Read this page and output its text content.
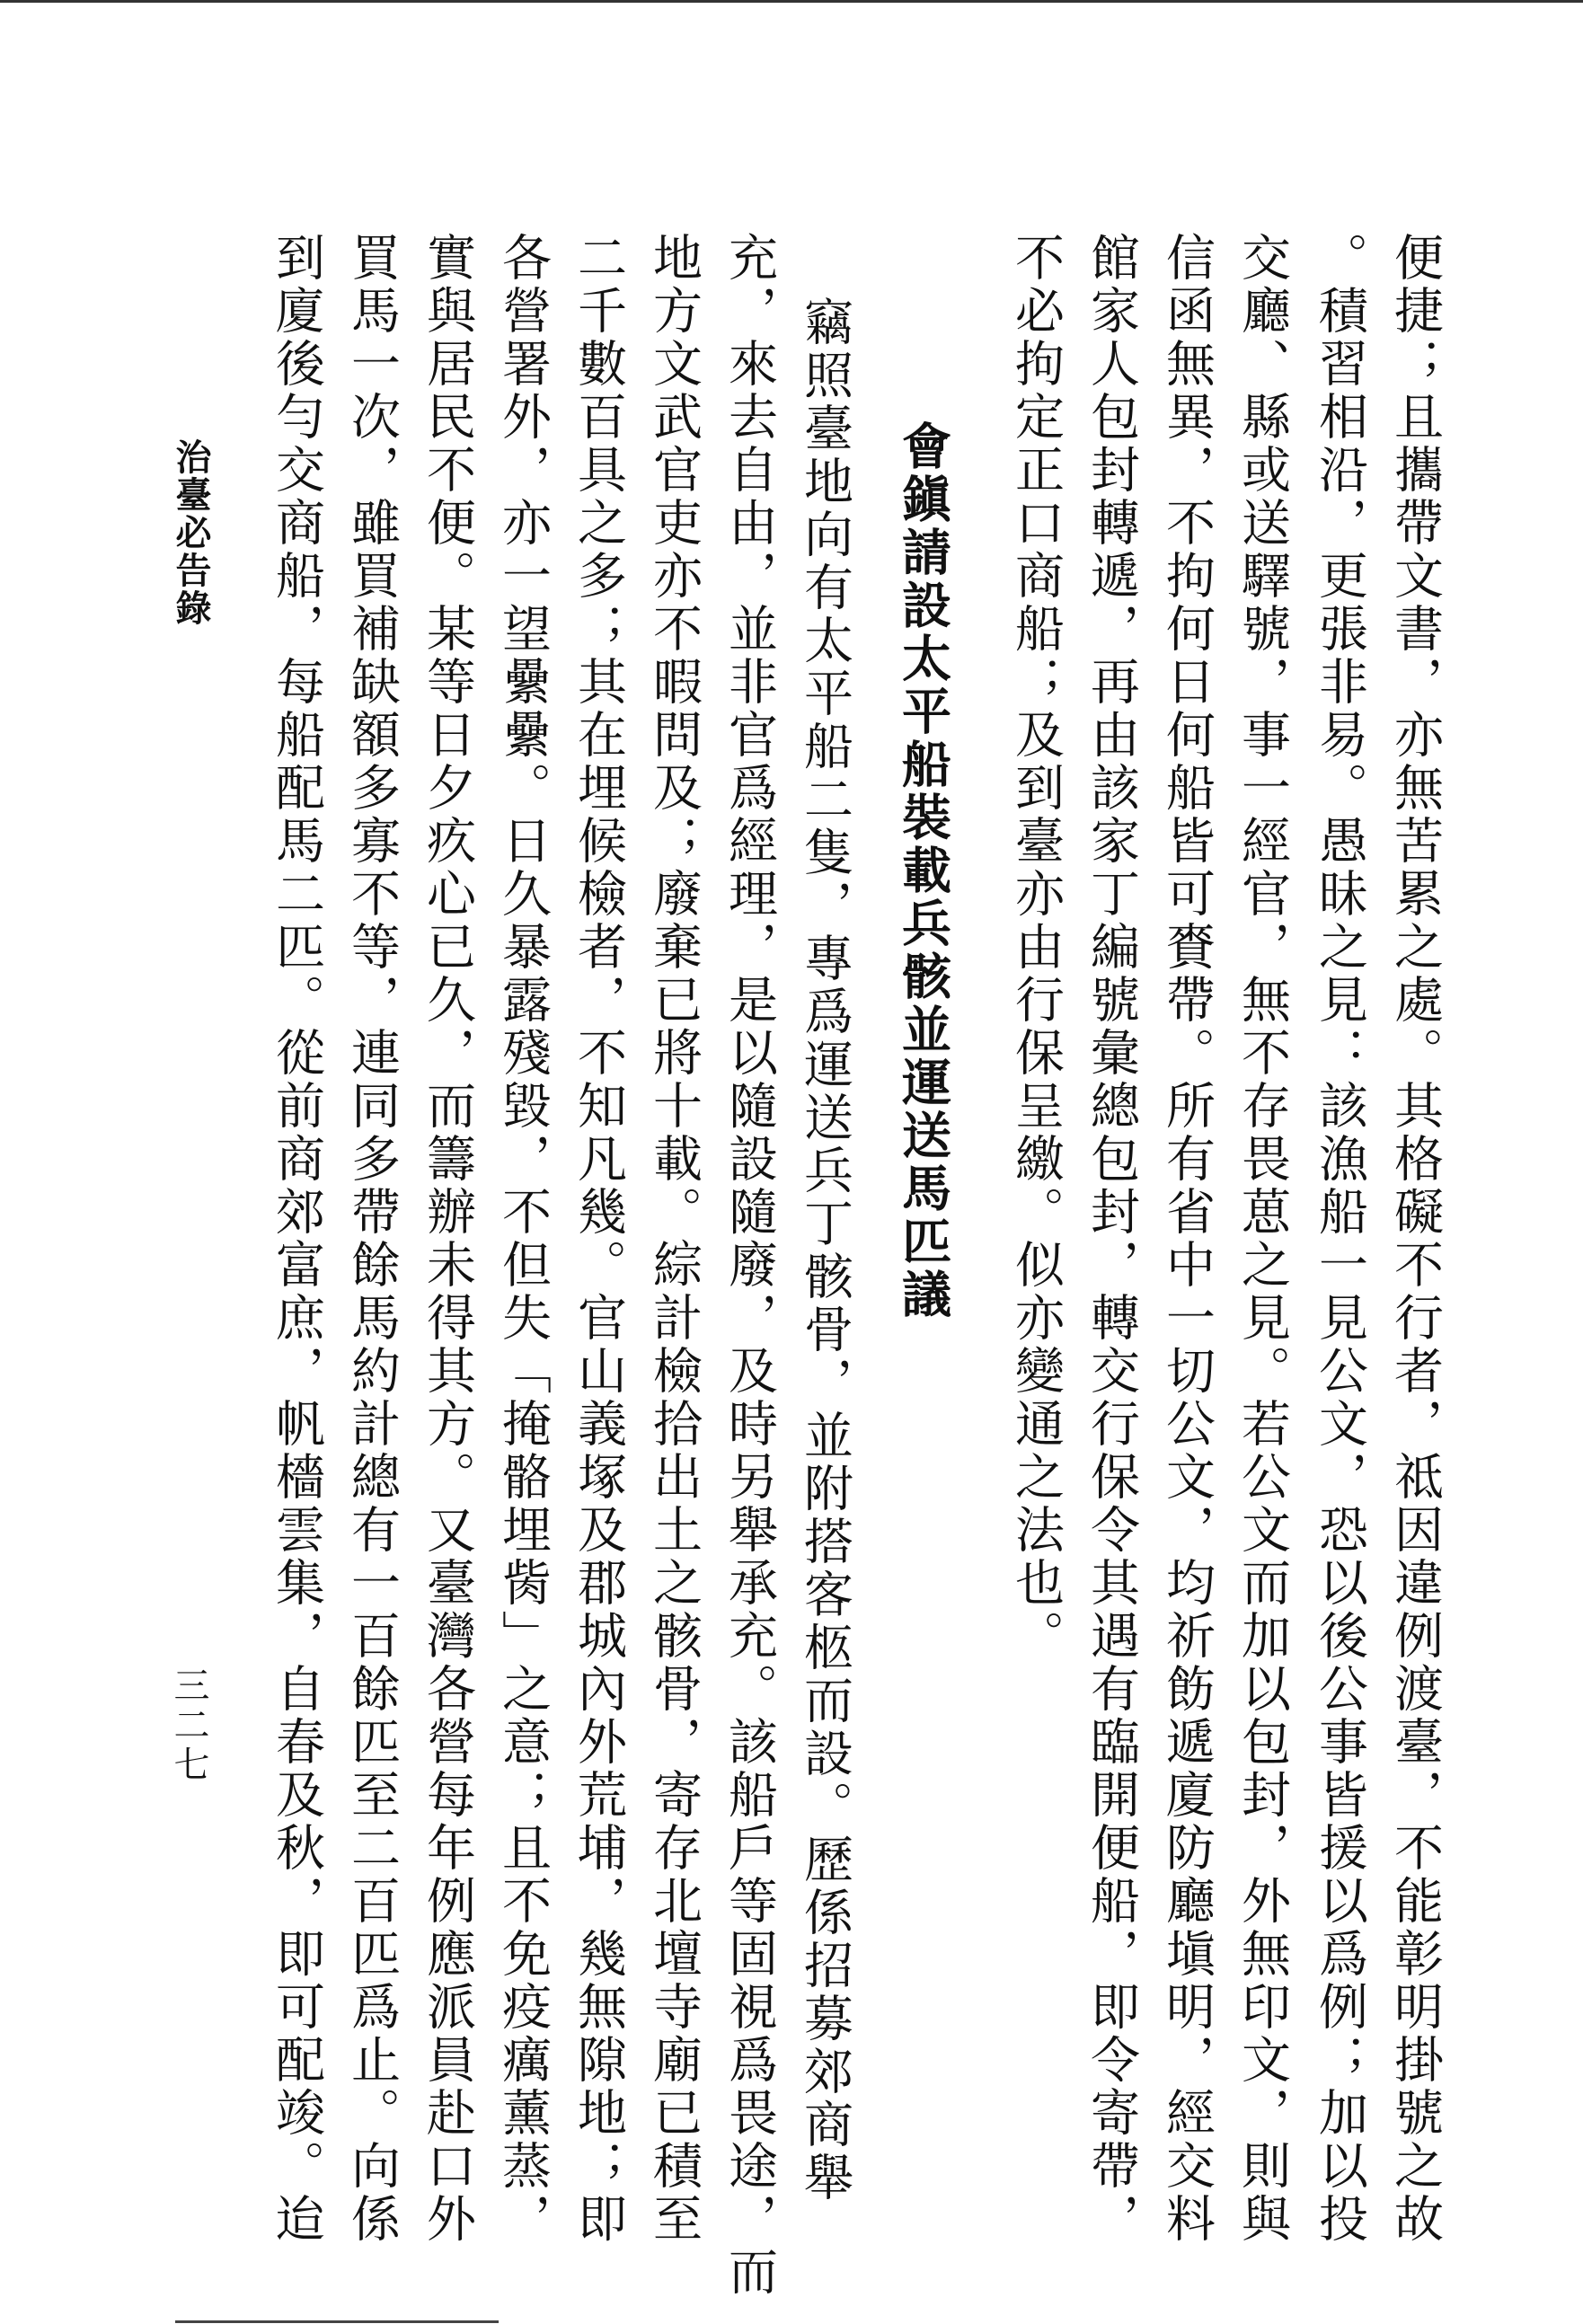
便捷；且攜帶文書，亦無苦累之處。其格礙不行者，祗因違例渡臺，不能彰明掛號之故
。積習相沿，更張非易。愚昧之見：該漁船一見公文，恐以後公事皆援以爲例；加以投
交廳、縣或送驛號，事一經官，無不存畏葸之見。若公文而加以包封，外無印文，則與
信函無異，不拘何日何船皆可賚帶。所有省中一切公文，均祈飭遞廈防廳塡明，經交料
館家人包封轉遞，再由該家丁編號彙總包封，轉交行保令其遇有臨開便船，即令寄帶，
不必拘定正口商船；及到臺亦由行保呈繳。似亦變通之法也。
會鎭請設太平船裝載兵骸並運送馬匹議
竊照臺地向有太平船二隻，專爲運送兵丁骸骨，並附搭客柩而設。歷係招募郊商舉
充，來去自由，並非官爲經理，是以隨設隨廢，及時另舉承充。該船戶等固視爲畏途，而
地方文武官吏亦不暇問及；廢棄已將十載。綜計檢拾出土之骸骨，寄存北壇寺廟已積至
二千數百具之多；其在埋候檢者，不知凡幾。官山義塚及郡城內外荒埔，幾無隙地；即
各營署外，亦一望纍纍。日久暴露殘毀，不但失「掩骼埋胔」之意；且不免疫癘薰蒸，
實與居民不便。某等日夕疚心已久，而籌辦未得其方。又臺灣各營每年例應派員赴口外
買馬一次，雖買補缺額多寡不等，連同多帶餘馬約計總有一百餘匹至二百匹爲止。向係
到廈後勻交商船，每船配馬二匹。從前商郊富庶，帆檣雲集，自春及秋，即可配竣。迨
治臺必告錄
三二七
